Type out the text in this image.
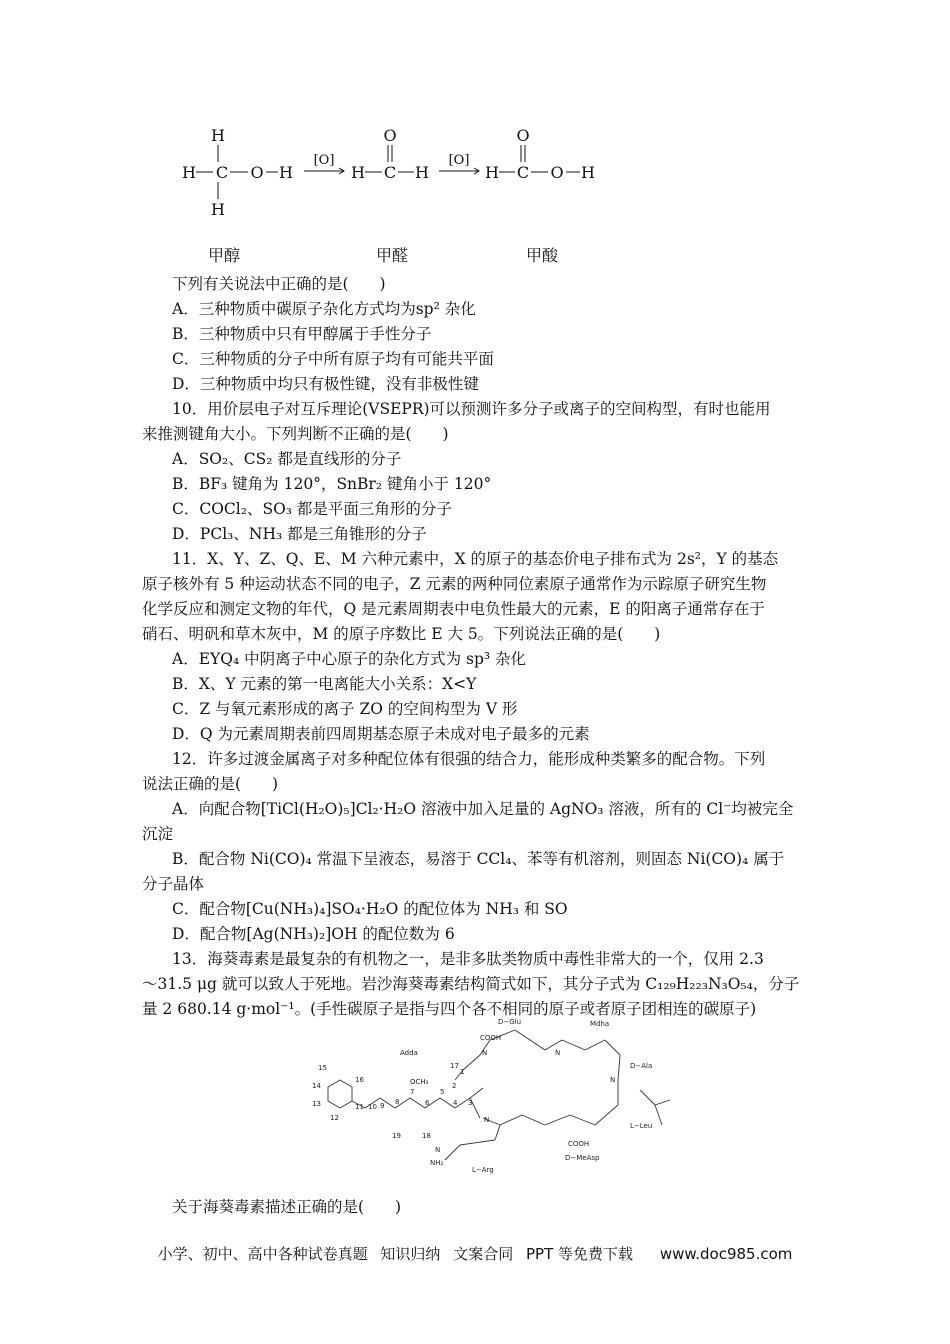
H
H C O H
H
[O]
O
H C H
[O]
O
H C O H
甲醇	甲醛	甲酸
下列有关说法中正确的是(　　)
A．三种物质中碳原子杂化方式均为sp² 杂化
B．三种物质中只有甲醇属于手性分子
C．三种物质的分子中所有原子均有可能共平面
D．三种物质中均只有极性键，没有非极性键
10．用价层电子对互斥理论(VSEPR)可以预测许多分子或离子的空间构型，有时也能用
来推测键角大小。下列判断不正确的是(　　)
A．SO₂、CS₂ 都是直线形的分子
B．BF₃ 键角为 120°，SnBr₂ 键角小于 120°
C．COCl₂、SO₃ 都是平面三角形的分子
D．PCl₃、NH₃ 都是三角锥形的分子
11．X、Y、Z、Q、E、M 六种元素中，X 的原子的基态价电子排布式为 2s²，Y 的基态
原子核外有 5 种运动状态不同的电子，Z 元素的两种同位素原子通常作为示踪原子研究生物
化学反应和测定文物的年代，Q 是元素周期表中电负性最大的元素，E 的阳离子通常存在于
硝石、明矾和草木灰中，M 的原子序数比 E 大 5。下列说法正确的是(　　)
A．EYQ₄ 中阴离子中心原子的杂化方式为 sp³ 杂化
B．X、Y 元素的第一电离能大小关系：X<Y
C．Z 与氧元素形成的离子 ZO 的空间构型为 V 形
D．Q 为元素周期表前四周期基态原子未成对电子最多的元素
12．许多过渡金属离子对多种配位体有很强的结合力，能形成种类繁多的配合物。下列
说法正确的是(　　)
A．向配合物[TiCl(H₂O)₅]Cl₂·H₂O 溶液中加入足量的 AgNO₃ 溶液，所有的 Cl⁻均被完全
沉淀
B．配合物 Ni(CO)₄ 常温下呈液态，易溶于 CCl₄、苯等有机溶剂，则固态 Ni(CO)₄ 属于
分子晶体
C．配合物[Cu(NH₃)₄]SO₄·H₂O 的配位体为 NH₃ 和 SO
D．配合物[Ag(NH₃)₂]OH 的配位数为 6
13．海葵毒素是最复杂的有机物之一，是非多肽类物质中毒性非常大的一个，仅用 2.3
～31.5 μg 就可以致人于死地。岩沙海葵毒素结构简式如下，其分子式为 C₁₂₉H₂₂₃N₃O₅₄，分子
量 2 680.14 g·mol⁻¹。(手性碳原子是指与四个各不相同的原子或者原子团相连的碳原子)
Adda
D−Glu
COOH
Mdha
D−Ala
L−Leu
COOH
D−MeAsp
L−Arg
OCH₃
NH₂
15
16
14
13
12
11 10 9 8
7
6
5
4 3
2
1
17
18
19
N	N
N
N
N
关于海葵毒素描述正确的是(　　)
小学、初中、高中各种试卷真题 知识归纳 文案合同 PPT 等免费下载 www.doc985.com
